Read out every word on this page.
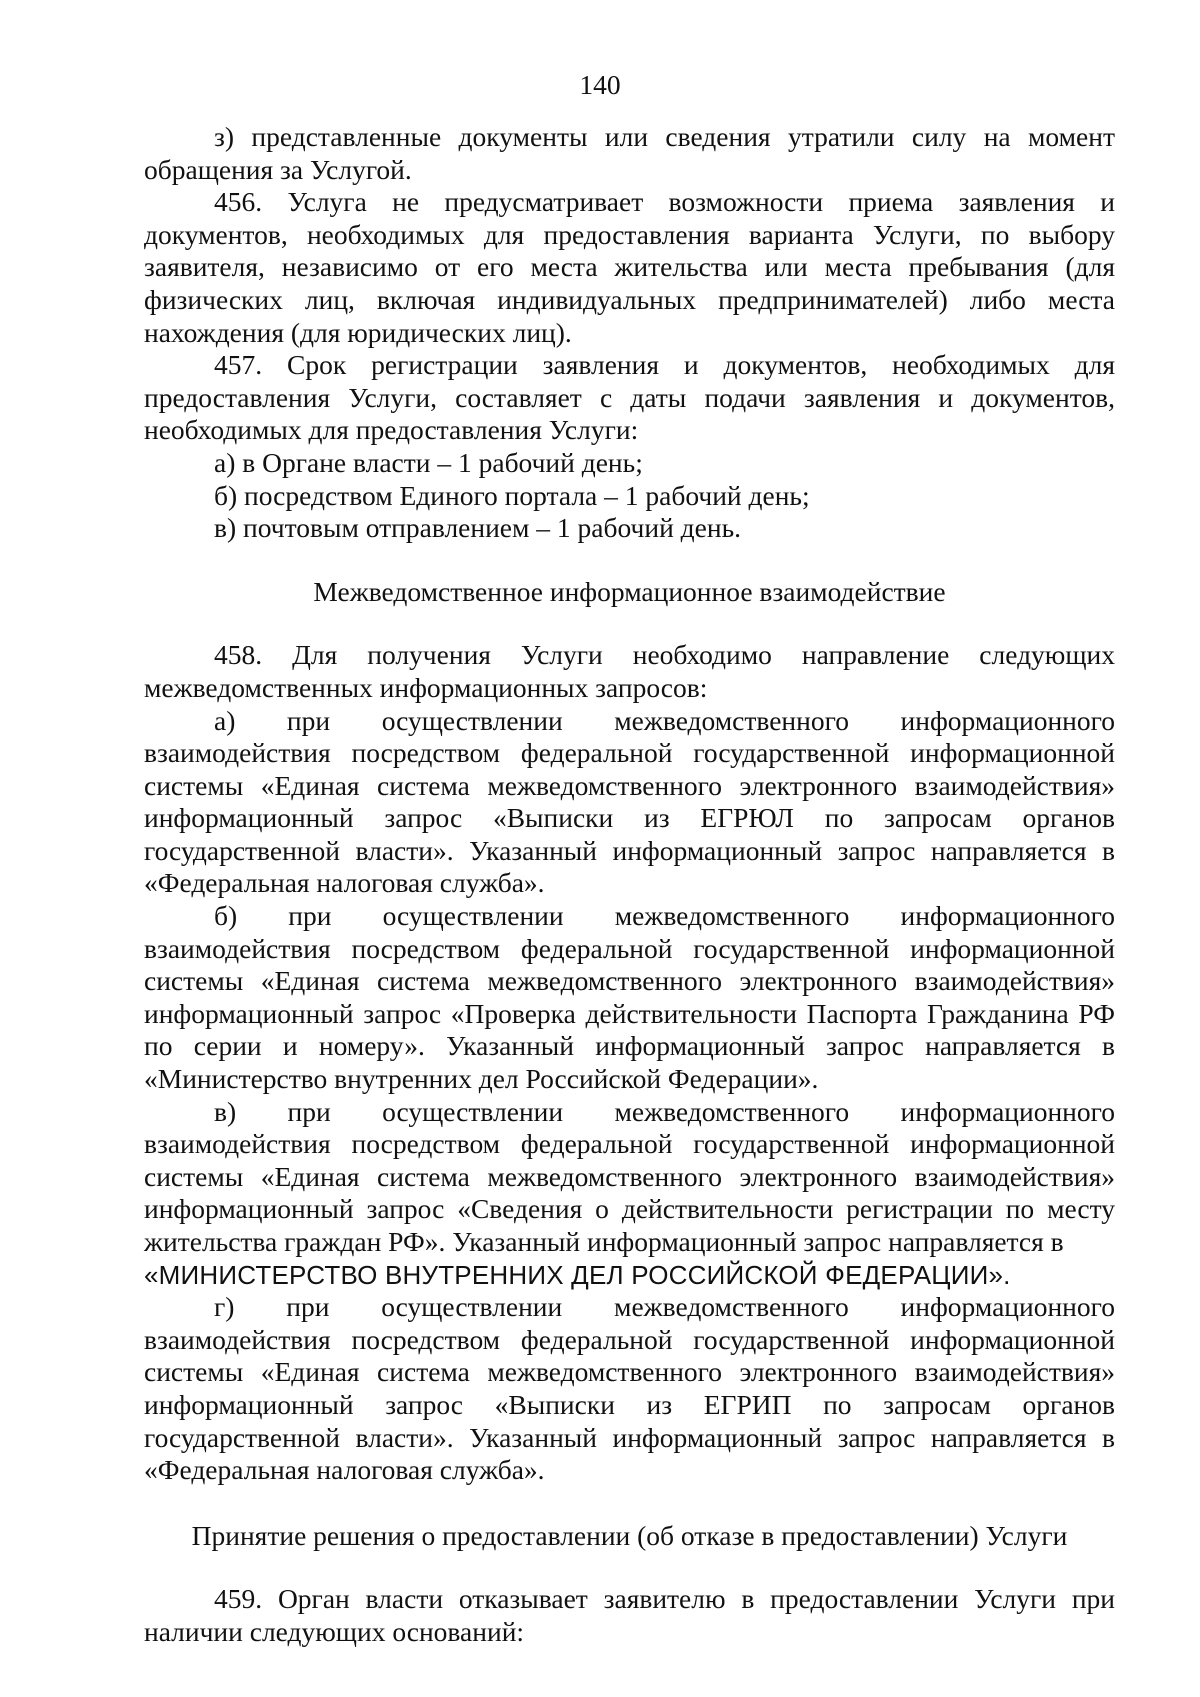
140

з) представленные документы или сведения утратили силу на момент обращения за Услугой.

456. Услуга не предусматривает возможности приема заявления и документов, необходимых для предоставления варианта Услуги, по выбору заявителя, независимо от его места жительства или места пребывания (для физических лиц, включая индивидуальных предпринимателей) либо места нахождения (для юридических лиц).

457. Срок регистрации заявления и документов, необходимых для предоставления Услуги, составляет с даты подачи заявления и документов, необходимых для предоставления Услуги:

а) в Органе власти – 1 рабочий день;

б) посредством Единого портала – 1 рабочий день;

в) почтовым отправлением – 1 рабочий день.

Межведомственное информационное взаимодействие

458. Для получения Услуги необходимо направление следующих межведомственных информационных запросов:

а) при осуществлении межведомственного информационного взаимодействия посредством федеральной государственной информационной системы «Единая система межведомственного электронного взаимодействия» информационный запрос «Выписки из ЕГРЮЛ по запросам органов государственной власти». Указанный информационный запрос направляется в «Федеральная налоговая служба».

б) при осуществлении межведомственного информационного взаимодействия посредством федеральной государственной информационной системы «Единая система межведомственного электронного взаимодействия» информационный запрос «Проверка действительности Паспорта Гражданина РФ по серии и номеру». Указанный информационный запрос направляется в «Министерство внутренних дел Российской Федерации».

в) при осуществлении межведомственного информационного взаимодействия посредством федеральной государственной информационной системы «Единая система межведомственного электронного взаимодействия» информационный запрос «Сведения о действительности регистрации по месту жительства граждан РФ». Указанный информационный запрос направляется в

«МИНИСТЕРСТВО ВНУТРЕННИХ ДЕЛ РОССИЙСКОЙ ФЕДЕРАЦИИ».

г) при осуществлении межведомственного информационного взаимодействия посредством федеральной государственной информационной системы «Единая система межведомственного электронного взаимодействия» информационный запрос «Выписки из ЕГРИП по запросам органов государственной власти». Указанный информационный запрос направляется в «Федеральная налоговая служба».

Принятие решения о предоставлении (об отказе в предоставлении) Услуги

459. Орган власти отказывает заявителю в предоставлении Услуги при наличии следующих оснований:
